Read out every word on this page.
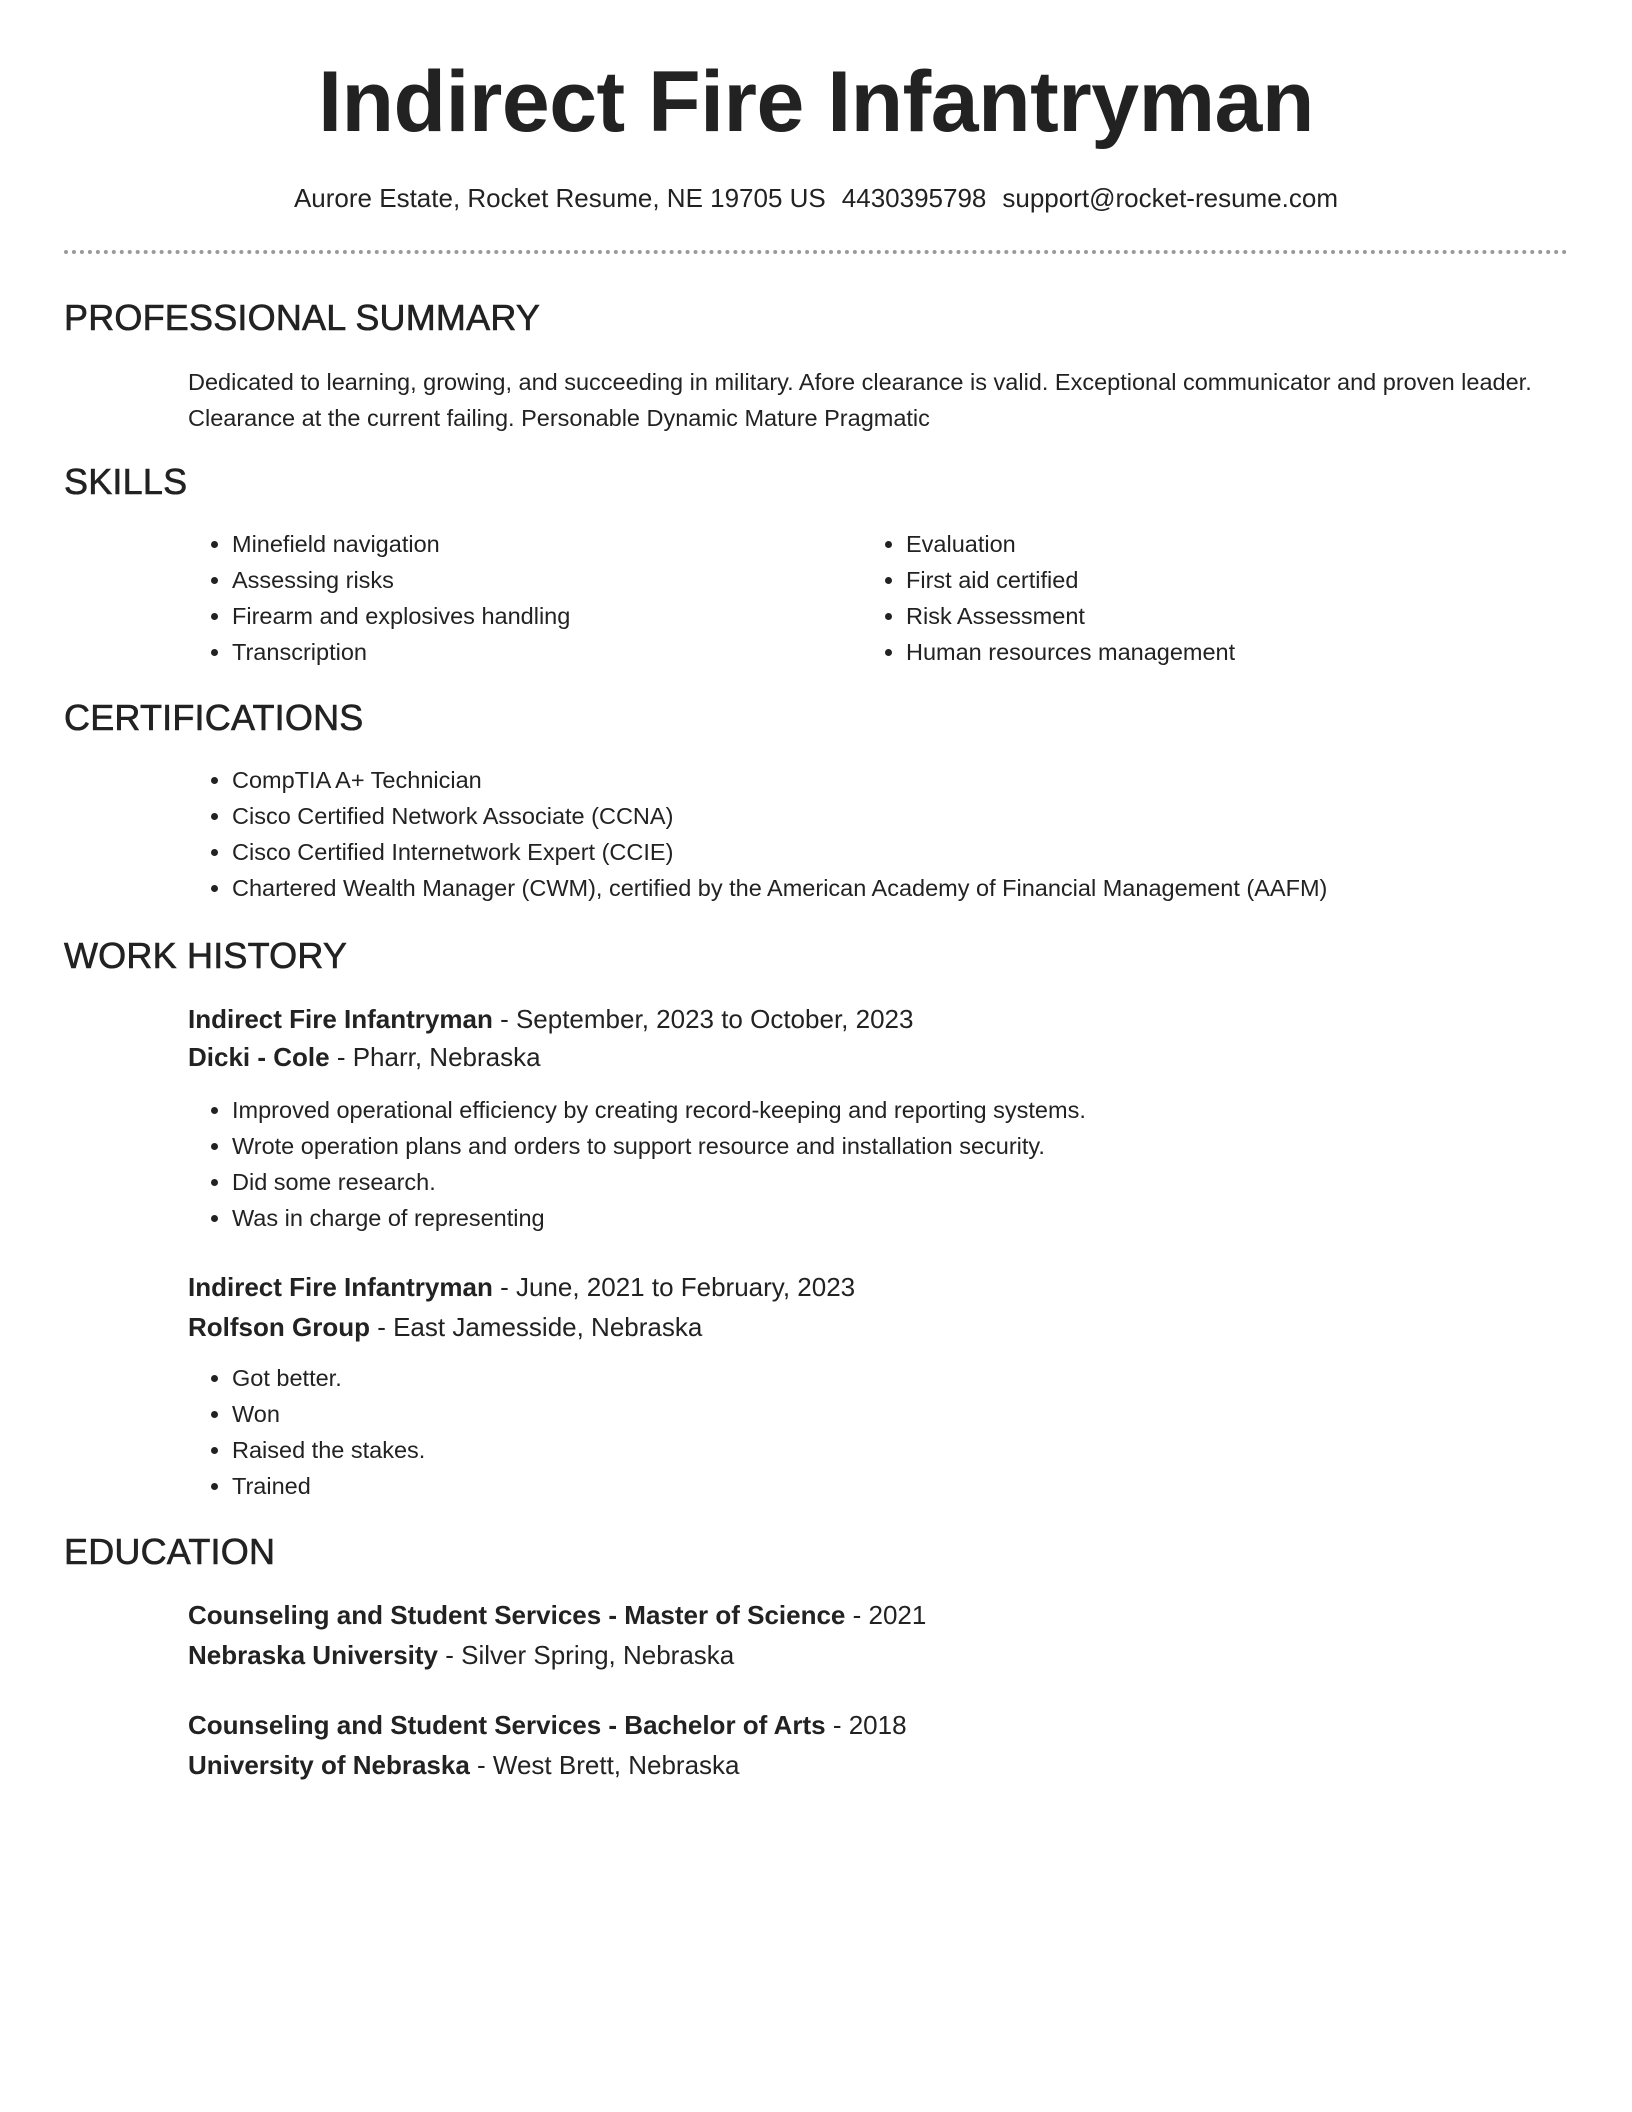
Indirect Fire Infantryman
Aurore Estate, Rocket Resume, NE 19705 US 4430395798 support@rocket-resume.com
PROFESSIONAL SUMMARY
Dedicated to learning, growing, and succeeding in military. Afore clearance is valid. Exceptional communicator and proven leader. Clearance at the current failing. Personable Dynamic Mature Pragmatic
SKILLS
• Minefield navigation
• Assessing risks
• Firearm and explosives handling
• Transcription
• Evaluation
• First aid certified
• Risk Assessment
• Human resources management
CERTIFICATIONS
• CompTIA A+ Technician
• Cisco Certified Network Associate (CCNA)
• Cisco Certified Internetwork Expert (CCIE)
• Chartered Wealth Manager (CWM), certified by the American Academy of Financial Management (AAFM)
WORK HISTORY
Indirect Fire Infantryman - September, 2023 to October, 2023
Dicki - Cole - Pharr, Nebraska
• Improved operational efficiency by creating record-keeping and reporting systems.
• Wrote operation plans and orders to support resource and installation security.
• Did some research.
• Was in charge of representing
Indirect Fire Infantryman - June, 2021 to February, 2023
Rolfson Group - East Jamesside, Nebraska
• Got better.
• Won
• Raised the stakes.
• Trained
EDUCATION
Counseling and Student Services - Master of Science - 2021
Nebraska University - Silver Spring, Nebraska
Counseling and Student Services - Bachelor of Arts - 2018
University of Nebraska - West Brett, Nebraska
